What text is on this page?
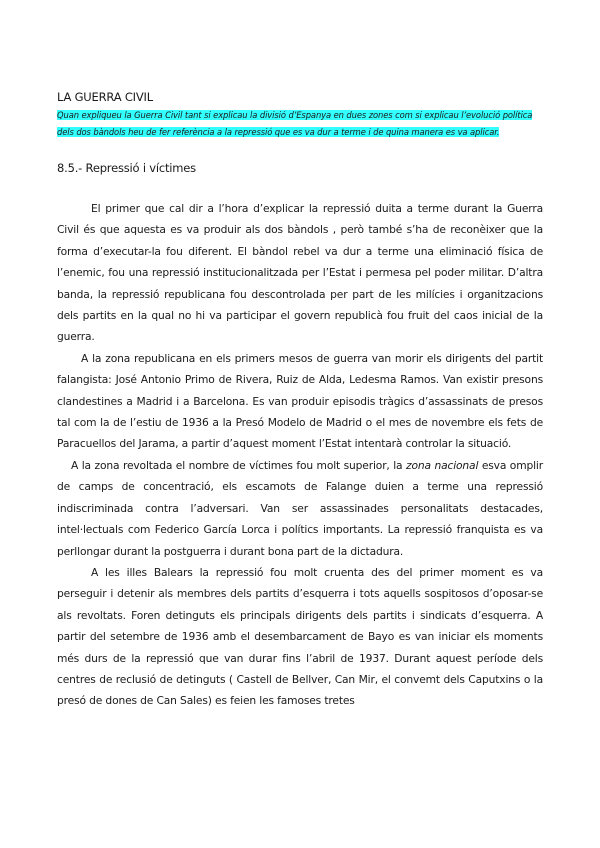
LA GUERRA CIVIL

Quan expliqueu la Guerra Civil tant si explicau la divisió d’Espanya en dues zones com si explicau l’evolució política dels dos bàndols heu de fer referència a la repressió que es va dur a terme i de quina manera es va aplicar.

8.5.- Repressió i víctimes

El primer que cal dir a l’hora d’explicar la repressió duita a terme durant la Guerra Civil és que aquesta es va produir als dos bàndols , però també s’ha de reconèixer que la forma d’executar-la fou diferent. El bàndol rebel va dur a terme una eliminació física de l’enemic, fou una repressió institucionalitzada per l’Estat i permesa pel poder militar. D’altra banda, la repressió republicana fou descontrolada per part de les milícies i organitzacions dels partits en la qual no hi va participar el govern republicà fou fruit del caos inicial de la guerra.

A la zona republicana en els primers mesos de guerra van morir els dirigents del partit falangista: José Antonio Primo de Rivera, Ruiz de Alda, Ledesma Ramos. Van existir presons clandestines a Madrid i a Barcelona. Es van produir episodis tràgics d’assassinats de presos tal com la de l’estiu de 1936 a la Presó Modelo de Madrid o el mes de novembre els fets de Paracuellos del Jarama, a partir d’aquest moment l’Estat intentarà controlar la situació.

A la zona revoltada el nombre de víctimes fou molt superior, la zona nacional esva omplir de camps de concentració, els escamots de Falange duien a terme una repressió indiscriminada contra l’adversari. Van ser assassinades personalitats destacades, intel·lectuals com Federico García Lorca i polítics importants. La repressió franquista es va perllongar durant la postguerra i durant bona part de la dictadura.

A les illes Balears la repressió fou molt cruenta des del primer moment es va perseguir i detenir als membres dels partits d’esquerra i tots aquells sospitosos d’oposar-se als revoltats. Foren detinguts els principals dirigents dels partits i sindicats d’esquerra. A partir del setembre de 1936 amb el desembarcament de Bayo es van iniciar els moments més durs de la repressió que van durar fins l’abril de 1937. Durant aquest període dels centres de reclusió de detinguts ( Castell de Bellver, Can Mir, el convemt dels Caputxins o la presó de dones de Can Sales) es feien les famoses tretes
